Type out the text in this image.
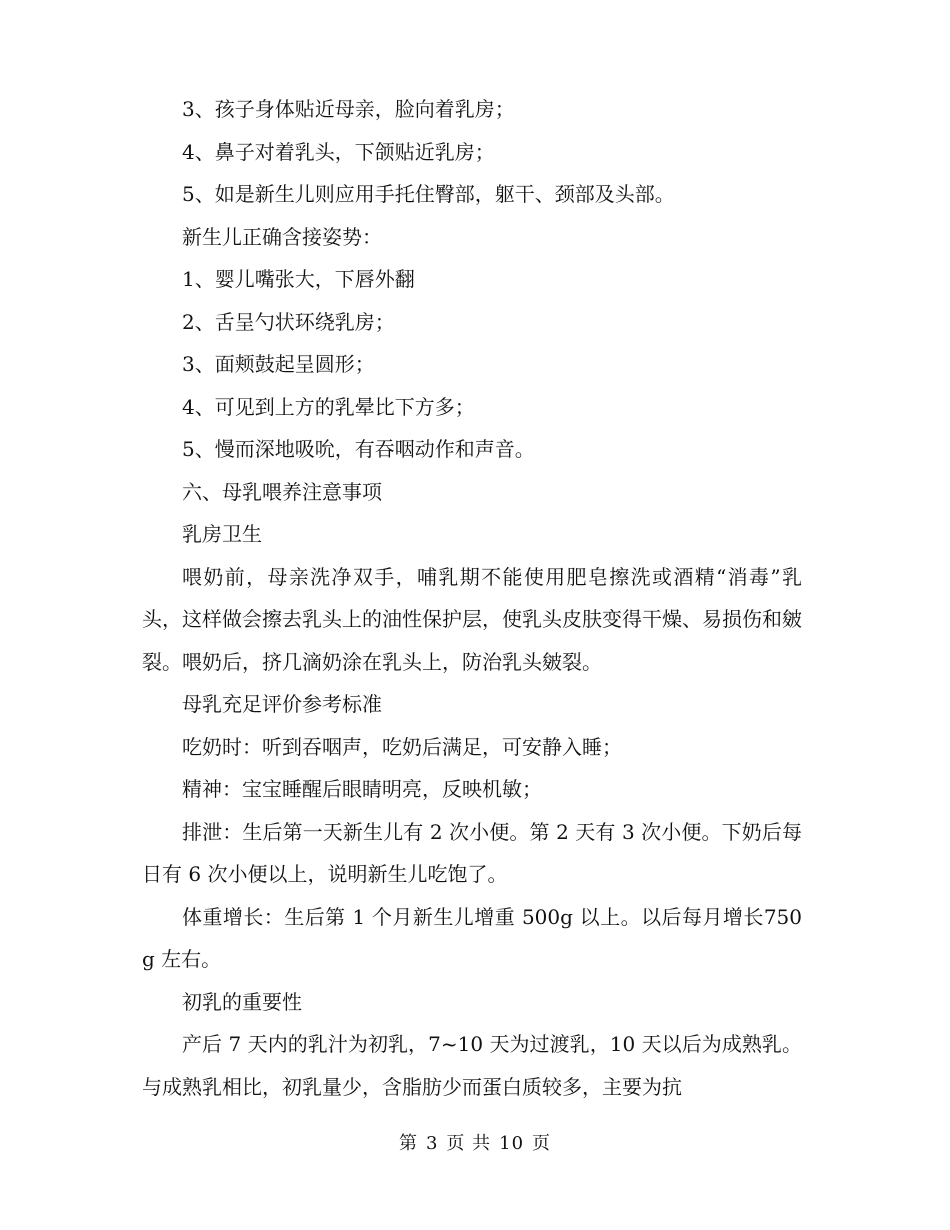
3、孩子身体贴近母亲，脸向着乳房；

4、鼻子对着乳头，下颌贴近乳房；

5、如是新生儿则应用手托住臀部，躯干、颈部及头部。

新生儿正确含接姿势：

1、婴儿嘴张大，下唇外翻

2、舌呈勺状环绕乳房；

3、面颊鼓起呈圆形；

4、可见到上方的乳晕比下方多；

5、慢而深地吸吮，有吞咽动作和声音。

六、母乳喂养注意事项

乳房卫生

喂奶前，母亲洗净双手，哺乳期不能使用肥皂擦洗或酒精“消毒”乳头，这样做会擦去乳头上的油性保护层，使乳头皮肤变得干燥、易损伤和皴裂。喂奶后，挤几滴奶涂在乳头上，防治乳头皴裂。

母乳充足评价参考标准

吃奶时：听到吞咽声，吃奶后满足，可安静入睡；

精神：宝宝睡醒后眼睛明亮，反映机敏；

排泄：生后第一天新生儿有 2 次小便。第 2 天有 3 次小便。下奶后每日有 6 次小便以上，说明新生儿吃饱了。

体重增长：生后第 1 个月新生儿增重 500g 以上。以后每月增长750g 左右。

初乳的重要性

产后 7 天内的乳汁为初乳，7~10 天为过渡乳，10 天以后为成熟乳。与成熟乳相比，初乳量少，含脂肪少而蛋白质较多，主要为抗

第 3 页 共 10 页
